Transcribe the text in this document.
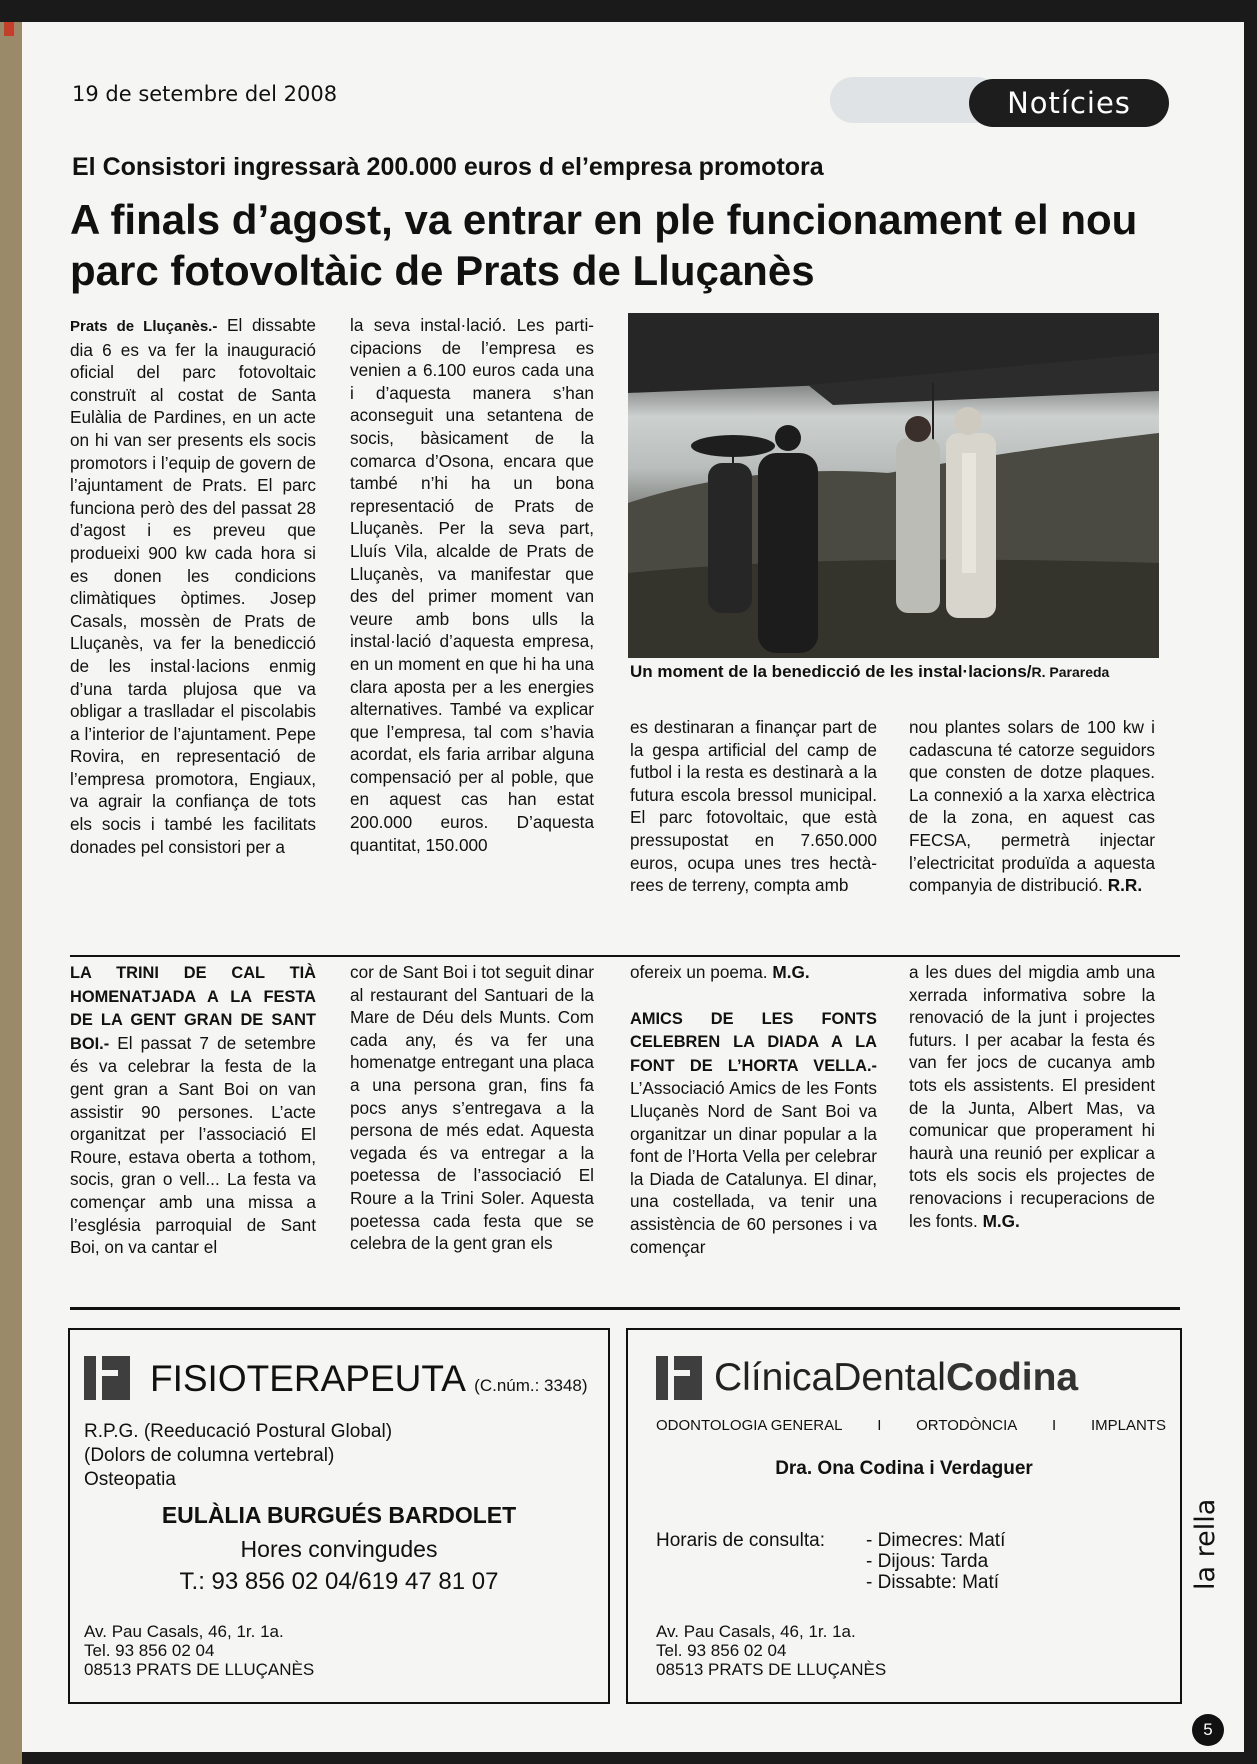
19 de setembre del 2008	Notícies
El Consistori ingressarà 200.000 euros d el’empresa promotora
A finals d’agost, va entrar en ple funcionament el nou parc fotovoltàic de Prats de Lluçanès
Prats de Lluçanès.- El dissabte dia 6 es va fer la inauguració oficial del parc fotovoltaic construït al costat de Santa Eulàlia de Pardines, en un acte on hi van ser presents els socis promotors i l’equip de govern de l’ajuntament de Prats. El parc funciona però des del passat 28 d’agost i es preveu que produeixi 900 kw cada hora si es donen les condicions climàtiques òptimes. Josep Casals, mossèn de Prats de Lluçanès, va fer la benedicció de les instal·lacions enmig d’una tarda plujosa que va obligar a traslladar el piscolabis a l’interior de l’ajuntament. Pepe Rovira, en representació de l’empresa promotora, Engiaux, va agrair la confiança de tots els socis i també les facilitats donades pel consistori per a
la seva instal·lació. Les participacions de l’empresa es venien a 6.100 euros cada una i d’aquesta manera s’han aconseguit una setantena de socis, bàsicament de la comarca d’Osona, encara que també n’hi ha un bona representació de Prats de Lluçanès. Per la seva part, Lluís Vila, alcalde de Prats de Lluçanès, va manifestar que des del primer moment van veure amb bons ulls la instal·lació d’aquesta empresa, en un moment en que hi ha una clara aposta per a les energies alternatives. També va explicar que l’empresa, tal com s’havia acordat, els faria arribar alguna compensació per al poble, que en aquest cas han estat 200.000 euros. D’aquesta quantitat, 150.000
Un moment de la benedicció de les instal·lacions/R. Parareda
es destinaran a finançar part de la gespa artificial del camp de futbol i la resta es destinarà a la futura escola bressol municipal. El parc fotovoltaic, que està pressupostat en 7.650.000 euros, ocupa unes tres hectàrees de terreny, compta amb
nou plantes solars de 100 kw i cadascuna té catorze seguidors que consten de dotze plaques. La connexió a la xarxa elèctrica de la zona, en aquest cas FECSA, permetrà injectar l’electricitat produïda a aquesta companyia de distribució. R.R.
LA TRINI DE CAL TIÀ HOMENATJADA A LA FESTA DE LA GENT GRAN DE SANT BOI.- El passat 7 de setembre és va celebrar la festa de la gent gran a Sant Boi on van assistir 90 persones. L’acte organitzat per l’associació El Roure, estava oberta a tothom, socis, gran o vell... La festa va començar amb una missa a l’església parroquial de Sant Boi, on va cantar el
cor de Sant Boi i tot seguit dinar al restaurant del Santuari de la Mare de Déu dels Munts. Com cada any, és va fer una homenatge entregant una placa a una persona gran, fins fa pocs anys s’entregava a la persona de més edat. Aquesta vegada és va entregar a la poetessa de l’associació El Roure a la Trini Soler. Aquesta poetessa cada festa que se celebra de la gent gran els
ofereix un poema. M.G.
AMICS DE LES FONTS CELEBREN LA DIADA A LA FONT DE L’HORTA VELLA.- L’Associació Amics de les Fonts Lluçanès Nord de Sant Boi va organitzar un dinar popular a la font de l’Horta Vella per celebrar la Diada de Catalunya. El dinar, una costellada, va tenir una assistència de 60 persones i va començar
a les dues del migdia amb una xerrada informativa sobre la renovació de la junt i projectes futurs. I per acabar la festa és van fer jocs de cucanya amb tots els assistents. El president de la Junta, Albert Mas, va comunicar que properament hi haurà una reunió per explicar a tots els socis els projectes de renovacions i recuperacions de les fonts. M.G.
FISIOTERAPEUTA (C.núm.: 3348)
R.P.G. (Reeducació Postural Global)
(Dolors de columna vertebral)
Osteopatia
EULÀLIA BURGUÉS BARDOLET
Hores convingudes
T.: 93 856 02 04/619 47 81 07
Av. Pau Casals, 46, 1r. 1a.
Tel. 93 856 02 04
08513 PRATS DE LLUÇANÈS
ClínicaDentalCodina
ODONTOLOGIA GENERAL I ORTODÒNCIA I IMPLANTS
Dra. Ona Codina i Verdaguer
Horaris de consulta: - Dimecres: Matí
- Dijous: Tarda
- Dissabte: Matí
Av. Pau Casals, 46, 1r. 1a.
Tel. 93 856 02 04
08513 PRATS DE LLUÇANÈS
la rella
5
